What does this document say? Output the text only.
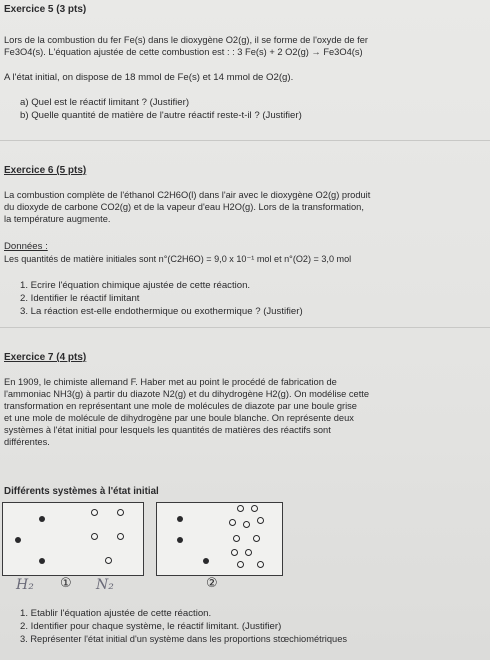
Exercice 5 (3 pts)
Lors de la combustion du fer Fe(s) dans le dioxygène O2(g), il se forme de l'oxyde de fer
Fe3O4(s). L'équation ajustée de cette combustion est : : 3 Fe(s) + 2 O2(g) → Fe3O4(s)
A l'état initial, on dispose de 18 mmol de Fe(s) et 14 mmol de O2(g).
a) Quel est le réactif limitant ? (Justifier)
b) Quelle quantité de matière de l'autre réactif reste-t-il ? (Justifier)
Exercice 6 (5 pts)
La combustion complète de l'éthanol C2H6O(l) dans l'air avec le dioxygène O2(g) produit
du dioxyde de carbone CO2(g) et de la vapeur d'eau H2O(g). Lors de la transformation,
la température augmente.
Données :
Les quantités de matière initiales sont n°(C2H6O) = 9,0 x 10⁻¹ mol et n°(O2) = 3,0 mol
1. Ecrire l'équation chimique ajustée de cette réaction.
2. Identifier le réactif limitant
3. La réaction est-elle endothermique ou exothermique ? (Justifier)
Exercice 7 (4 pts)
En 1909, le chimiste allemand F. Haber met au point le procédé de fabrication de
l'ammoniac NH3(g) à partir du diazote N2(g) et du dihydrogène H2(g). On modélise cette
transformation en représentant une mole de molécules de diazote par une boule grise
et une mole de molécule de dihydrogène par une boule blanche. On représente deux
systèmes à l'état initial pour lesquels les quantités de matières des réactifs sont
différentes.
Différents systèmes à l'état initial
①	②
H₂	N₂
1. Etablir l'équation ajustée de cette réaction.
2. Identifier pour chaque système, le réactif limitant. (Justifier)
3. Représenter l'état initial d'un système dans les proportions stœchiométriques
